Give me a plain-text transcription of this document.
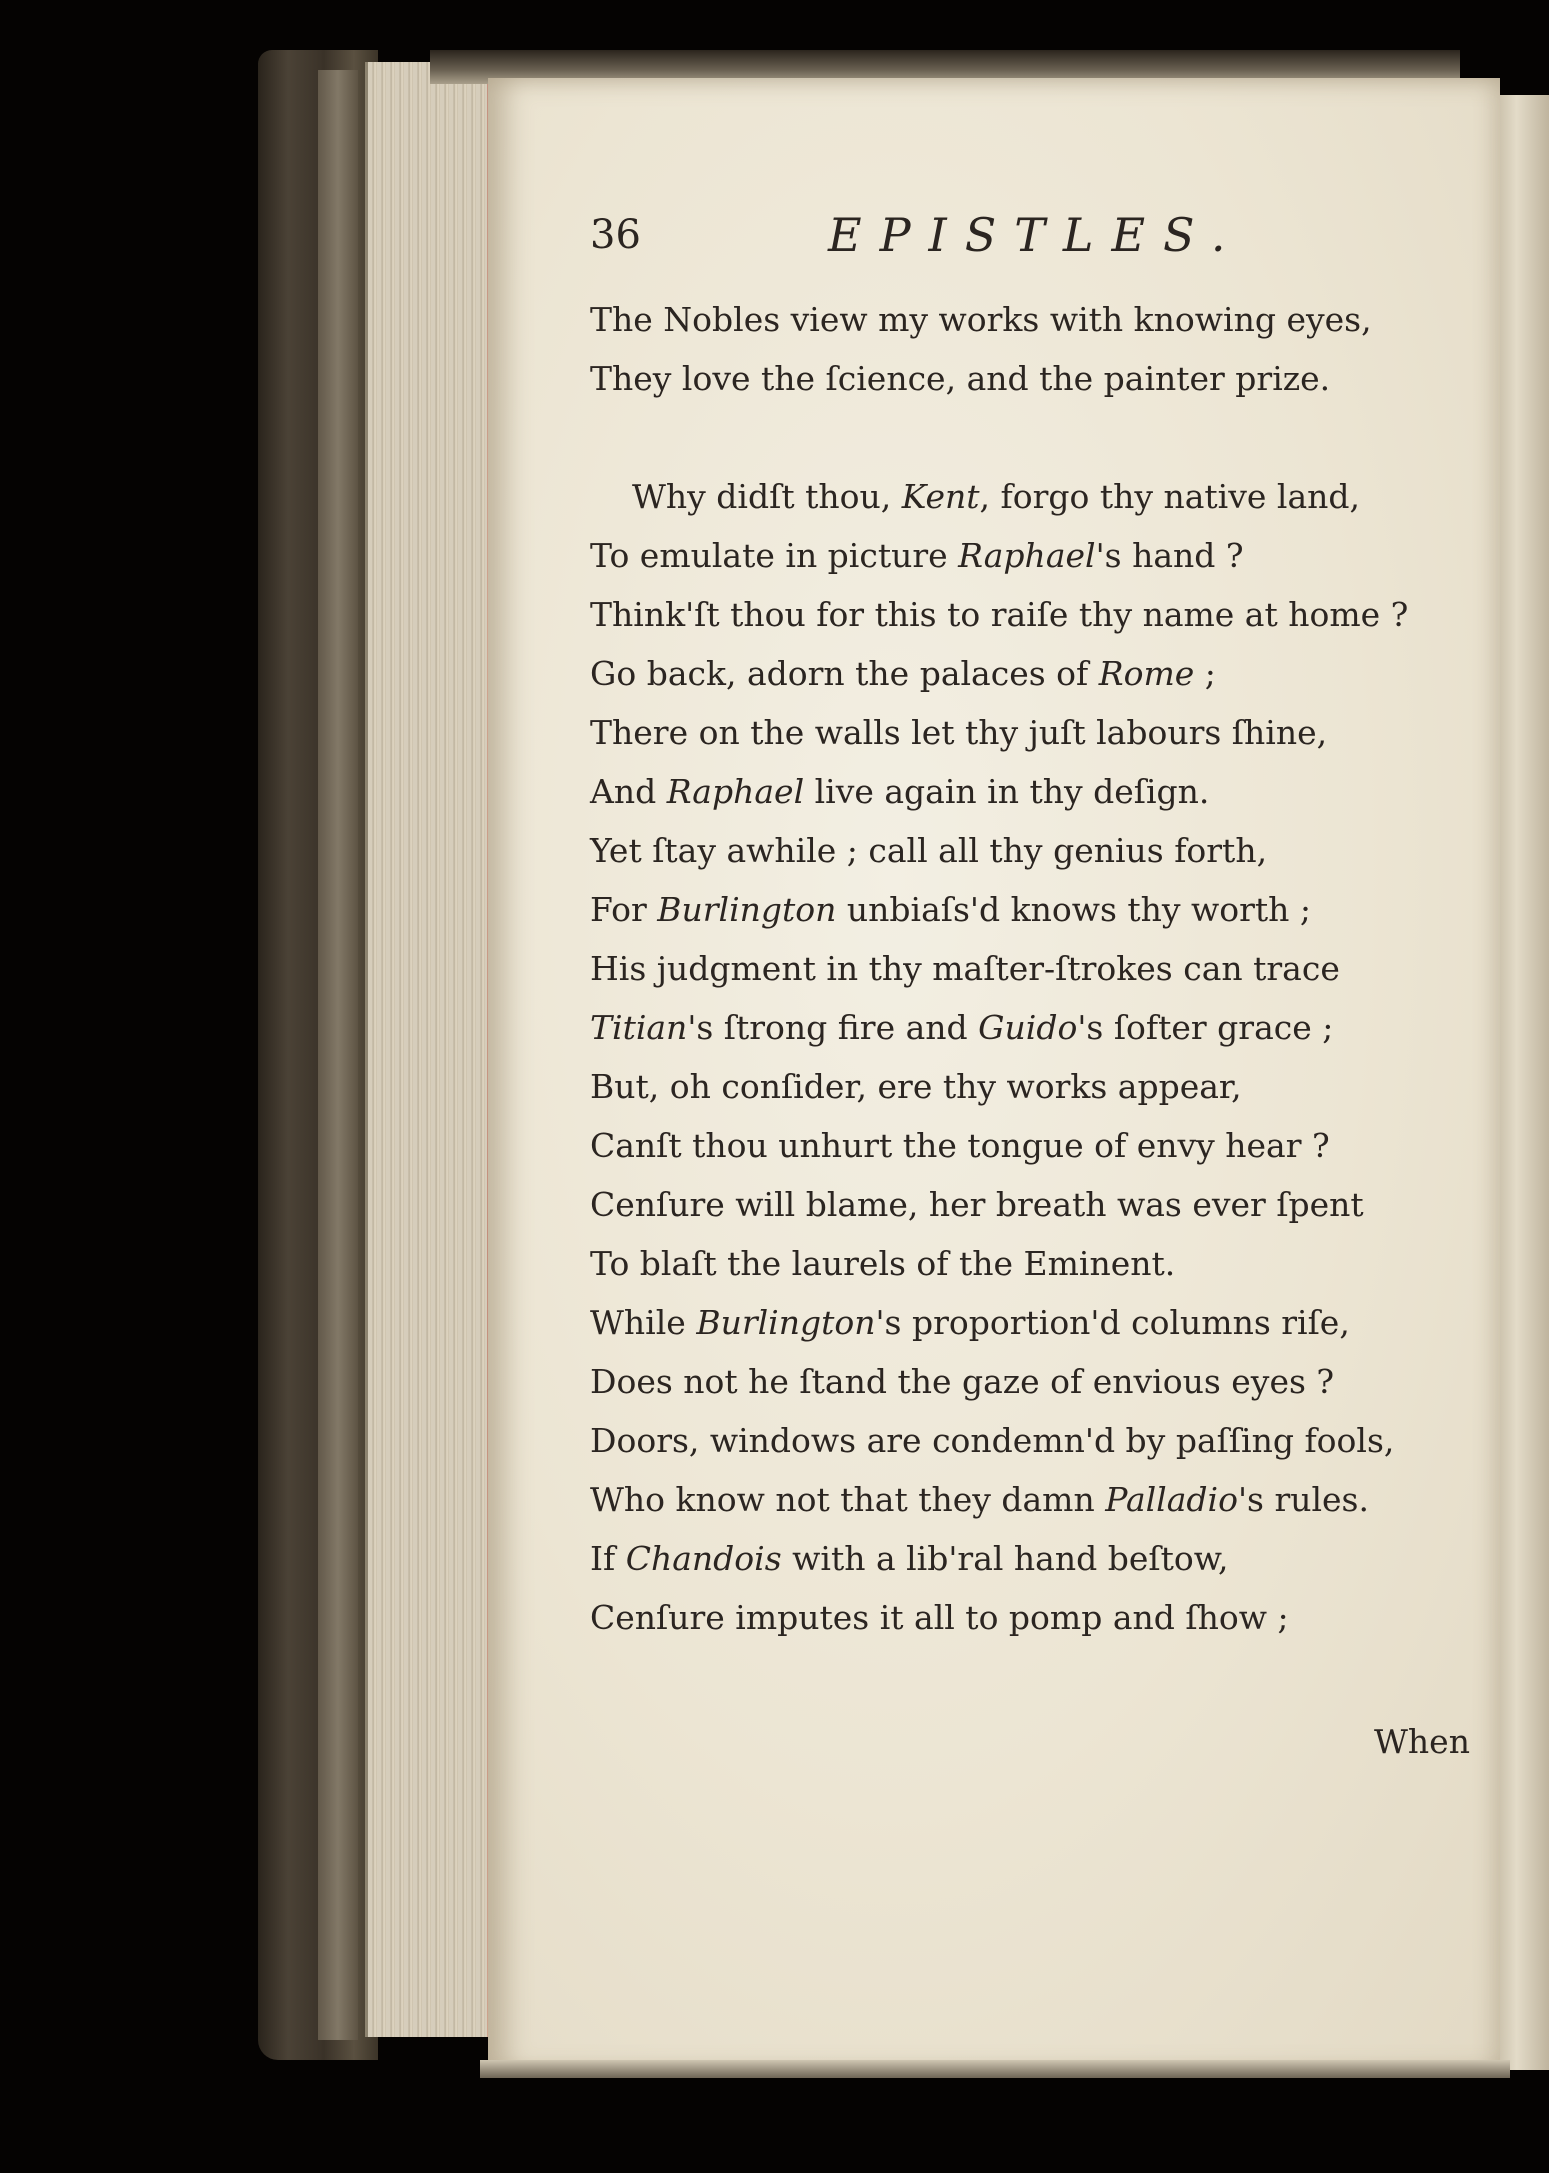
36	EPISTLES.
The Nobles view my works with knowing eyes,
They love the ſcience, and the painter prize.
Why didſt thou, Kent, forgo thy native land,
To emulate in picture Raphael's hand ?
Think'ſt thou for this to raiſe thy name at home ?
Go back, adorn the palaces of Rome ;
There on the walls let thy juſt labours ſhine,
And Raphael live again in thy deſign.
Yet ſtay awhile ; call all thy genius forth,
For Burlington unbiaſs'd knows thy worth ;
His judgment in thy maſter-ſtrokes can trace
Titian's ſtrong fire and Guido's ſofter grace ;
But, oh conſider, ere thy works appear,
Canſt thou unhurt the tongue of envy hear ?
Cenſure will blame, her breath was ever ſpent
To blaſt the laurels of the Eminent.
While Burlington's proportion'd columns riſe,
Does not he ſtand the gaze of envious eyes ?
Doors, windows are condemn'd by paſſing fools,
Who know not that they damn Palladio's rules.
If Chandois with a lib'ral hand beſtow,
Cenſure imputes it all to pomp and ſhow ;
When
